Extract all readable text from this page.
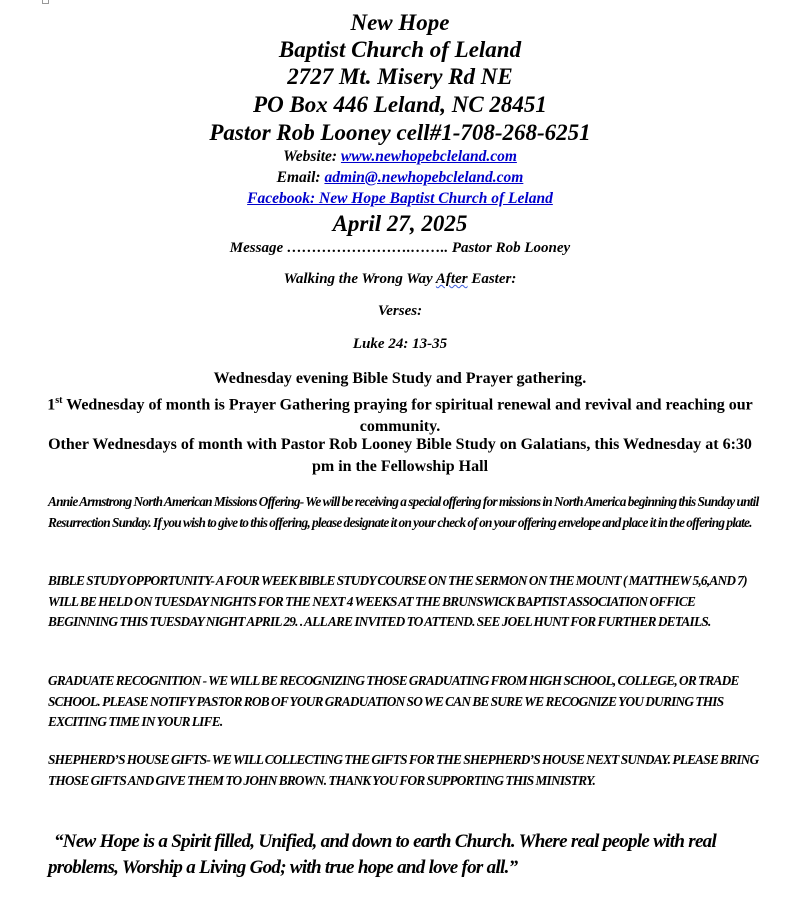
New Hope
Baptist Church of Leland
2727 Mt. Misery Rd NE
PO Box 446 Leland, NC 28451
Pastor Rob Looney cell#1-708-268-6251
Website: www.newhopebcleland.com
Email: admin@.newhopebcleland.com
Facebook: New Hope Baptist Church of Leland
April 27, 2025
Message …………………….…….. Pastor Rob Looney
Walking the Wrong Way After Easter:
Verses:
Luke 24: 13-35
Wednesday evening Bible Study and Prayer gathering.
1st Wednesday of month is Prayer Gathering praying for spiritual renewal and revival and reaching our community.
Other Wednesdays of month with Pastor Rob Looney Bible Study on Galatians, this Wednesday at 6:30 pm in the Fellowship Hall

Annie Armstrong North American Missions Offering- We will be receiving a special offering for missions in North America beginning this Sunday until Resurrection Sunday. If you wish to give to this offering, please designate it on your check of on your offering envelope and place it in the offering plate.

BIBLE STUDY OPPORTUNITY- A FOUR WEEK BIBLE STUDY COURSE ON THE SERMON ON THE MOUNT ( MATTHEW 5,6,AND 7) WILL BE HELD ON TUESDAY NIGHTS FOR THE NEXT 4 WEEKS AT THE BRUNSWICK BAPTIST ASSOCIATION OFFICE BEGINNING THIS TUESDAY NIGHT APRIL 29. . ALL ARE INVITED TO ATTEND. SEE JOEL HUNT FOR FURTHER DETAILS.

GRADUATE RECOGNITION - WE WILL BE RECOGNIZING THOSE GRADUATING FROM HIGH SCHOOL, COLLEGE, OR TRADE SCHOOL. PLEASE NOTIFY PASTOR ROB OF YOUR GRADUATION SO WE CAN BE SURE WE RECOGNIZE YOU DURING THIS EXCITING TIME IN YOUR LIFE.

SHEPHERD’S HOUSE GIFTS- WE WILL COLLECTING THE GIFTS FOR THE SHEPHERD’S HOUSE NEXT SUNDAY. PLEASE BRING THOSE GIFTS AND GIVE THEM TO JOHN BROWN. THANK YOU FOR SUPPORTING THIS MINISTRY.

“New Hope is a Spirit filled, Unified, and down to earth Church. Where real people with real problems, Worship a Living God; with true hope and love for all.”
